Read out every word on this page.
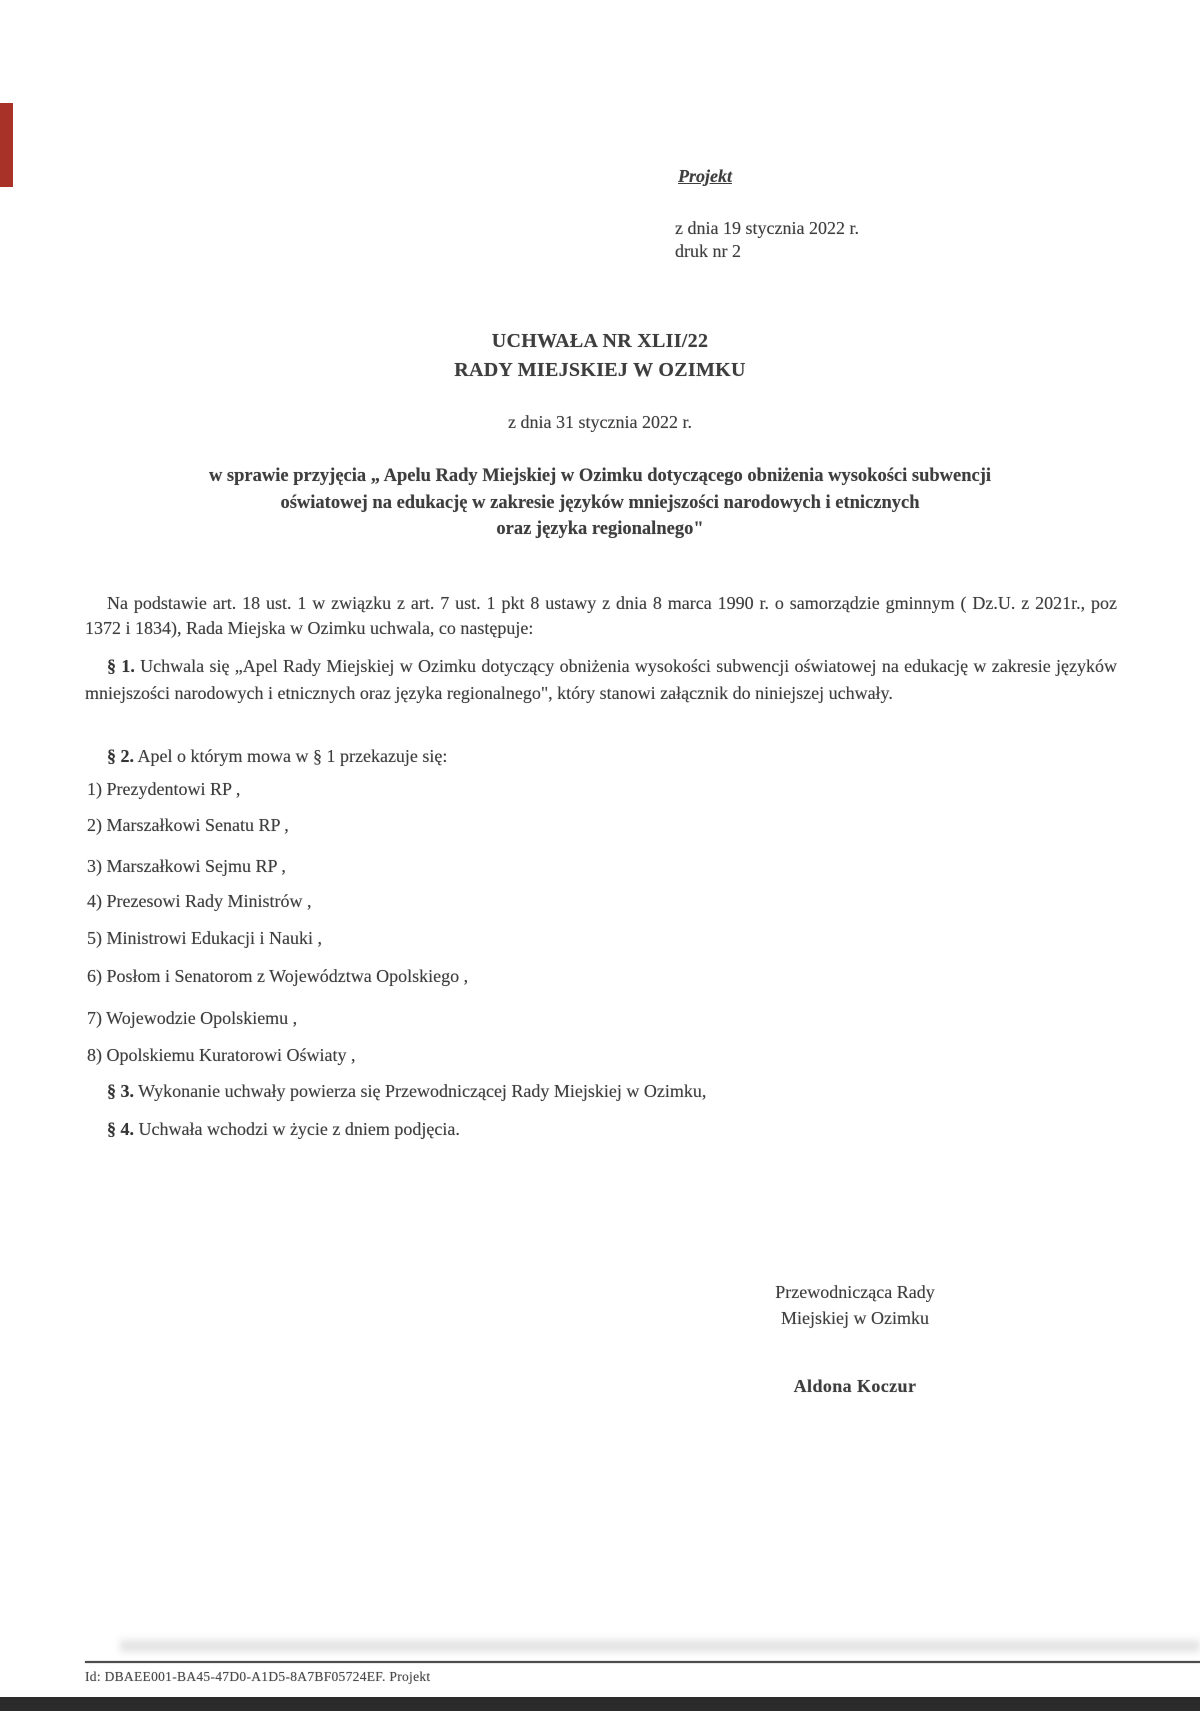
Projekt
z dnia 19 stycznia 2022 r.
druk nr 2
UCHWAŁA NR XLII/22
RADY MIEJSKIEJ W OZIMKU
z dnia 31 stycznia 2022 r.
w sprawie przyjęcia „ Apelu Rady Miejskiej w Ozimku dotyczącego obniżenia wysokości subwencji
oświatowej na edukację w zakresie języków mniejszości narodowych i etnicznych
oraz języka regionalnego"

Na podstawie art. 18 ust. 1 w związku z art. 7 ust. 1 pkt 8 ustawy z dnia 8 marca 1990 r. o samorządzie gminnym ( Dz.U. z 2021r., poz 1372 i 1834), Rada Miejska w Ozimku uchwala, co następuje:

§ 1. Uchwala się „Apel Rady Miejskiej w Ozimku dotyczący obniżenia wysokości subwencji oświatowej na edukację w zakresie języków mniejszości narodowych i etnicznych oraz języka regionalnego", który stanowi załącznik do niniejszej uchwały.

§ 2. Apel o którym mowa w § 1 przekazuje się:

1) Prezydentowi RP ,
2) Marszałkowi Senatu RP ,
3) Marszałkowi Sejmu RP ,
4) Prezesowi Rady Ministrów ,
5) Ministrowi Edukacji i Nauki ,
6) Posłom i Senatorom z Województwa Opolskiego ,
7) Wojewodzie Opolskiemu ,
8) Opolskiemu Kuratorowi Oświaty ,

§ 3. Wykonanie uchwały powierza się Przewodniczącej Rady Miejskiej w Ozimku,

§ 4. Uchwała wchodzi w życie z dniem podjęcia.

Przewodnicząca Rady
Miejskiej w Ozimku
Aldona Koczur
Id: DBAEE001-BA45-47D0-A1D5-8A7BF05724EF. Projekt
